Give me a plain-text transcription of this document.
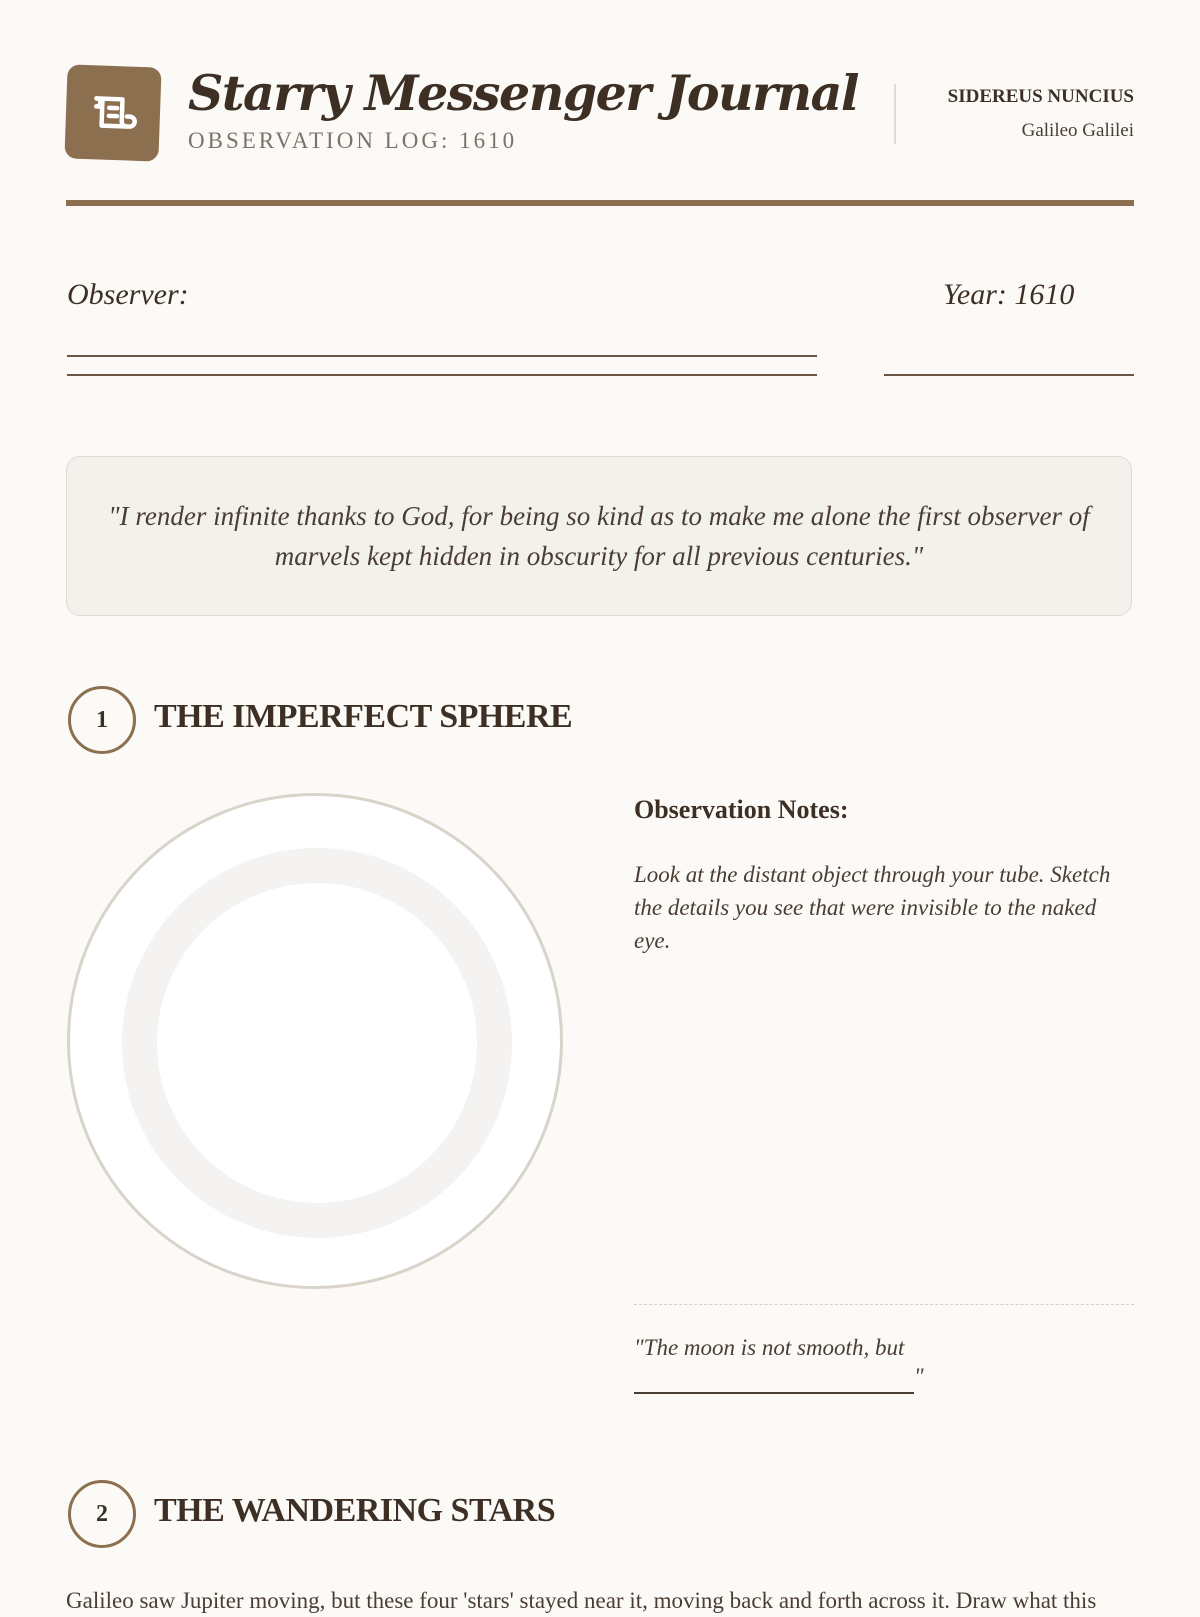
Starry Messenger Journal
OBSERVATION LOG: 1610
SIDEREUS NUNCIUS
Galileo Galilei
Observer:	Year: 1610
"I render infinite thanks to God, for being so kind as to make me alone the first observer of marvels kept hidden in obscurity for all previous centuries."
1	THE IMPERFECT SPHERE
Observation Notes:
Look at the distant object through your tube. Sketch the details you see that were invisible to the naked eye.
"The moon is not smooth, but
"
2	THE WANDERING STARS
Galileo saw Jupiter moving, but these four 'stars' stayed near it, moving back and forth across it. Draw what this
